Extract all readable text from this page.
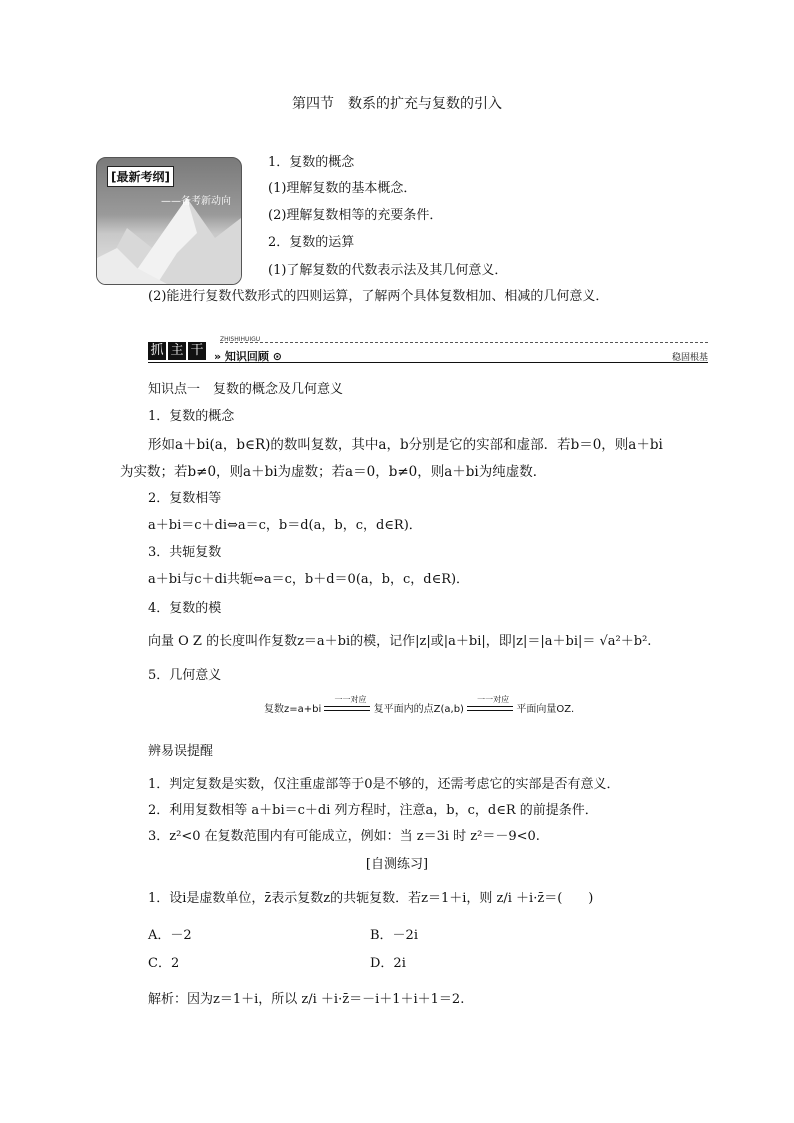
第四节　数系的扩充与复数的引入
[最新考纲]
——备考新动向
1．复数的概念
(1)理解复数的基本概念．
(2)理解复数相等的充要条件．
2．复数的运算
(1)了解复数的代数表示法及其几何意义．
(2)能进行复数代数形式的四则运算，了解两个具体复数相加、相减的几何意义．
抓 主 干
ZHISHIHUIGU
» 知识回顾 ⊙	稳固根基
知识点一　复数的概念及几何意义
1．复数的概念
形如a＋bi(a，b∈R)的数叫复数，其中a，b分别是它的实部和虚部．若b＝0，则a＋bi
为实数；若b≠0，则a＋bi为虚数；若a＝0，b≠0，则a＋bi为纯虚数．
2．复数相等
a＋bi＝c＋di⇔a＝c，b＝d(a，b，c，d∈R)．
3．共轭复数
a＋bi与c＋di共轭⇔a＝c，b＋d＝0(a，b，c，d∈R)．
4．复数的模
向量 O Z 的长度叫作复数z＝a＋bi的模，记作|z|或|a＋bi|，即|z|＝|a＋bi|＝ √a²＋b².
5．几何意义
复数z=a+bi
一一对应
复平面内的点Z(a,b)
一一对应
平面向量OZ.
辨易误提醒
1．判定复数是实数，仅注重虚部等于0是不够的，还需考虑它的实部是否有意义．
2．利用复数相等 a＋bi＝c＋di 列方程时，注意a，b，c，d∈R 的前提条件．
3．z²<0 在复数范围内有可能成立，例如：当 z＝3i 时 z²＝－9<0.
[自测练习]
1．设i是虚数单位，z̄表示复数z的共轭复数．若z＝1＋i，则 z/i ＋i·z̄＝(　　)
A．－2	B．－2i
C．2	D．2i
解析：因为z＝1＋i，所以 z/i ＋i·z̄＝－i＋1＋i＋1＝2.
